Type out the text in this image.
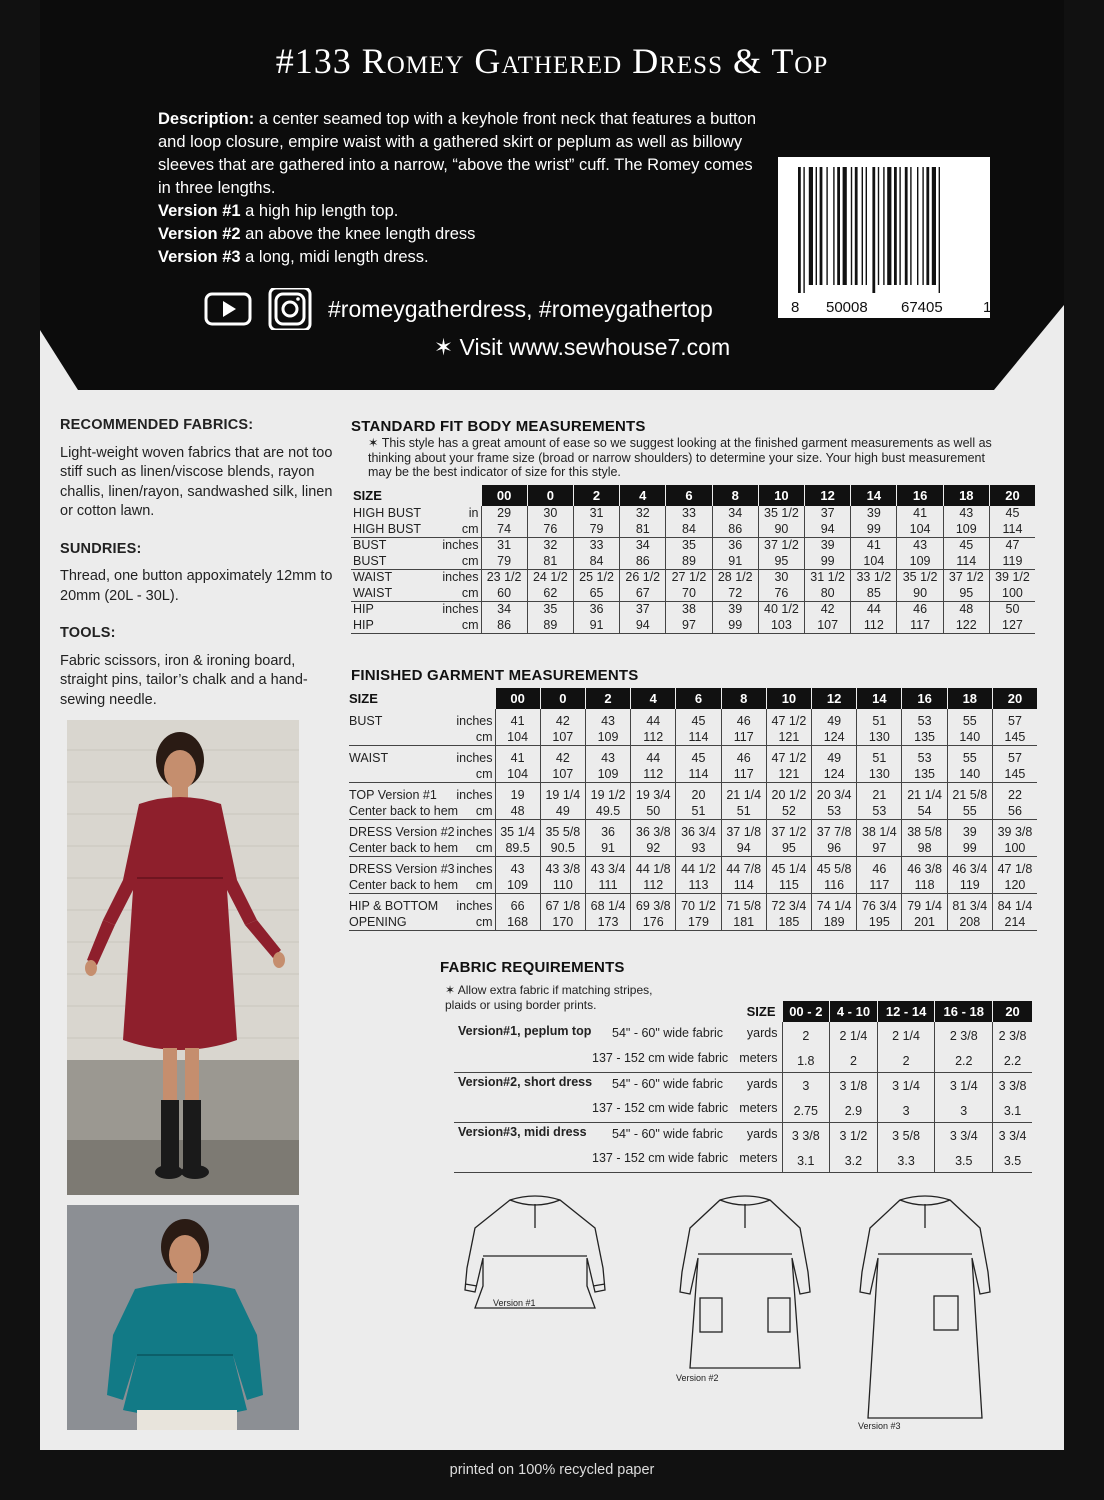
#133 Romey Gathered Dress & Top
Description: a center seamed top with a keyhole front neck that features a button and loop closure, empire waist with a gathered skirt or peplum as well as billowy sleeves that are gathered into a narrow, “above the wrist” cuff. The Romey comes in three lengths.
Version #1 a high hip length top.
Version #2 an above the knee length dress
Version #3 a long, midi length dress.
8 50008 67405	1
#romeygatherdress, #romeygathertop
✶ Visit www.sewhouse7.com
RECOMMENDED FABRICS:

Light-weight woven fabrics that are not too stiff such as linen/viscose blends, rayon challis, linen/rayon, sandwashed silk, linen or cotton lawn.

SUNDRIES:

Thread, one button appoximately 12mm to 20mm (20L - 30L).

TOOLS:

Fabric scissors, iron & ironing board, straight pins, tailor’s chalk and a hand-sewing needle.

STANDARD FIT BODY MEASUREMENTS
✶ This style has a great amount of ease so we suggest looking at the finished garment measurements as well as thinking about your frame size (broad or narrow shoulders) to determine your size. Your high bust measurement may be the best indicator of size for this style.
SIZE	00	0	2	4	6	8	10	12	14	16	18	20
HIGH BUST in	29	30	31	32	33	34	35 1/2	37	39	41	43	45
HIGH BUST cm	74	76	79	81	84	86	90	94	99	104	109	114
BUST inches	31	32	33	34	35	36	37 1/2	39	41	43	45	47
BUST cm	79	81	84	86	89	91	95	99	104	109	114	119
WAIST inches	23 1/2	24 1/2	25 1/2	26 1/2	27 1/2	28 1/2	30	31 1/2	33 1/2	35 1/2	37 1/2	39 1/2
WAIST cm	60	62	65	67	70	72	76	80	85	90	95	100
HIP inches	34	35	36	37	38	39	40 1/2	42	44	46	48	50
HIP cm	86	89	91	94	97	99	103	107	112	117	122	127
FINISHED GARMENT MEASUREMENTS
SIZE	00	0	2	4	6	8	10	12	14	16	18	20
BUST inches	41	42	43	44	45	46	47 1/2	49	51	53	55	57

cm	104	107	109	112	114	117	121	124	130	135	140	145
WAIST inches	41	42	43	44	45	46	47 1/2	49	51	53	55	57

cm	104	107	109	112	114	117	121	124	130	135	140	145
TOP Version #1 inches	19	19 1/4	19 1/2	19 3/4	20	21 1/4	20 1/2	20 3/4	21	21 1/4	21 5/8	22
Center back to hem cm	48	49	49.5	50	51	51	52	53	53	54	55	56
DRESS Version #2 inches	35 1/4	35 5/8	36	36 3/8	36 3/4	37 1/8	37 1/2	37 7/8	38 1/4	38 5/8	39	39 3/8
Center back to hem cm	89.5	90.5	91	92	93	94	95	96	97	98	99	100
DRESS Version #3 inches	43	43 3/8	43 3/4	44 1/8	44 1/2	44 7/8	45 1/4	45 5/8	46	46 3/8	46 3/4	47 1/8
Center back to hem cm	109	110	111	112	113	114	115	116	117	118	119	120
HIP & BOTTOM inches	66	67 1/8	68 1/4	69 3/8	70 1/2	71 5/8	72 3/4	74 1/4	76 3/4	79 1/4	81 3/4	84 1/4
OPENING cm	168	170	173	176	179	181	185	189	195	201	208	214
FABRIC REQUIREMENTS
✶ Allow extra fabric if matching stripes, plaids or using border prints.	SIZE	00 - 2	4 - 10	12 - 14	16 - 18	20

Version#1, peplum top 54" - 60" wide fabric yards	2	2 1/4	2 1/4	2 3/8	2 3/8

137 - 152 cm wide fabric meters	1.8	2	2	2.2	2.2

Version#2, short dress 54" - 60" wide fabric yards	3	3 1/8	3 1/4	3 1/4	3 3/8

137 - 152 cm wide fabric meters	2.75	2.9	3	3	3.1

Version#3, midi dress 54" - 60" wide fabric yards	3 3/8	3 1/2	3 5/8	3 3/4	3 3/4

137 - 152 cm wide fabric meters	3.1	3.2	3.3	3.5	3.5
Version #1
Version #2
Version #3
printed on 100% recycled paper
